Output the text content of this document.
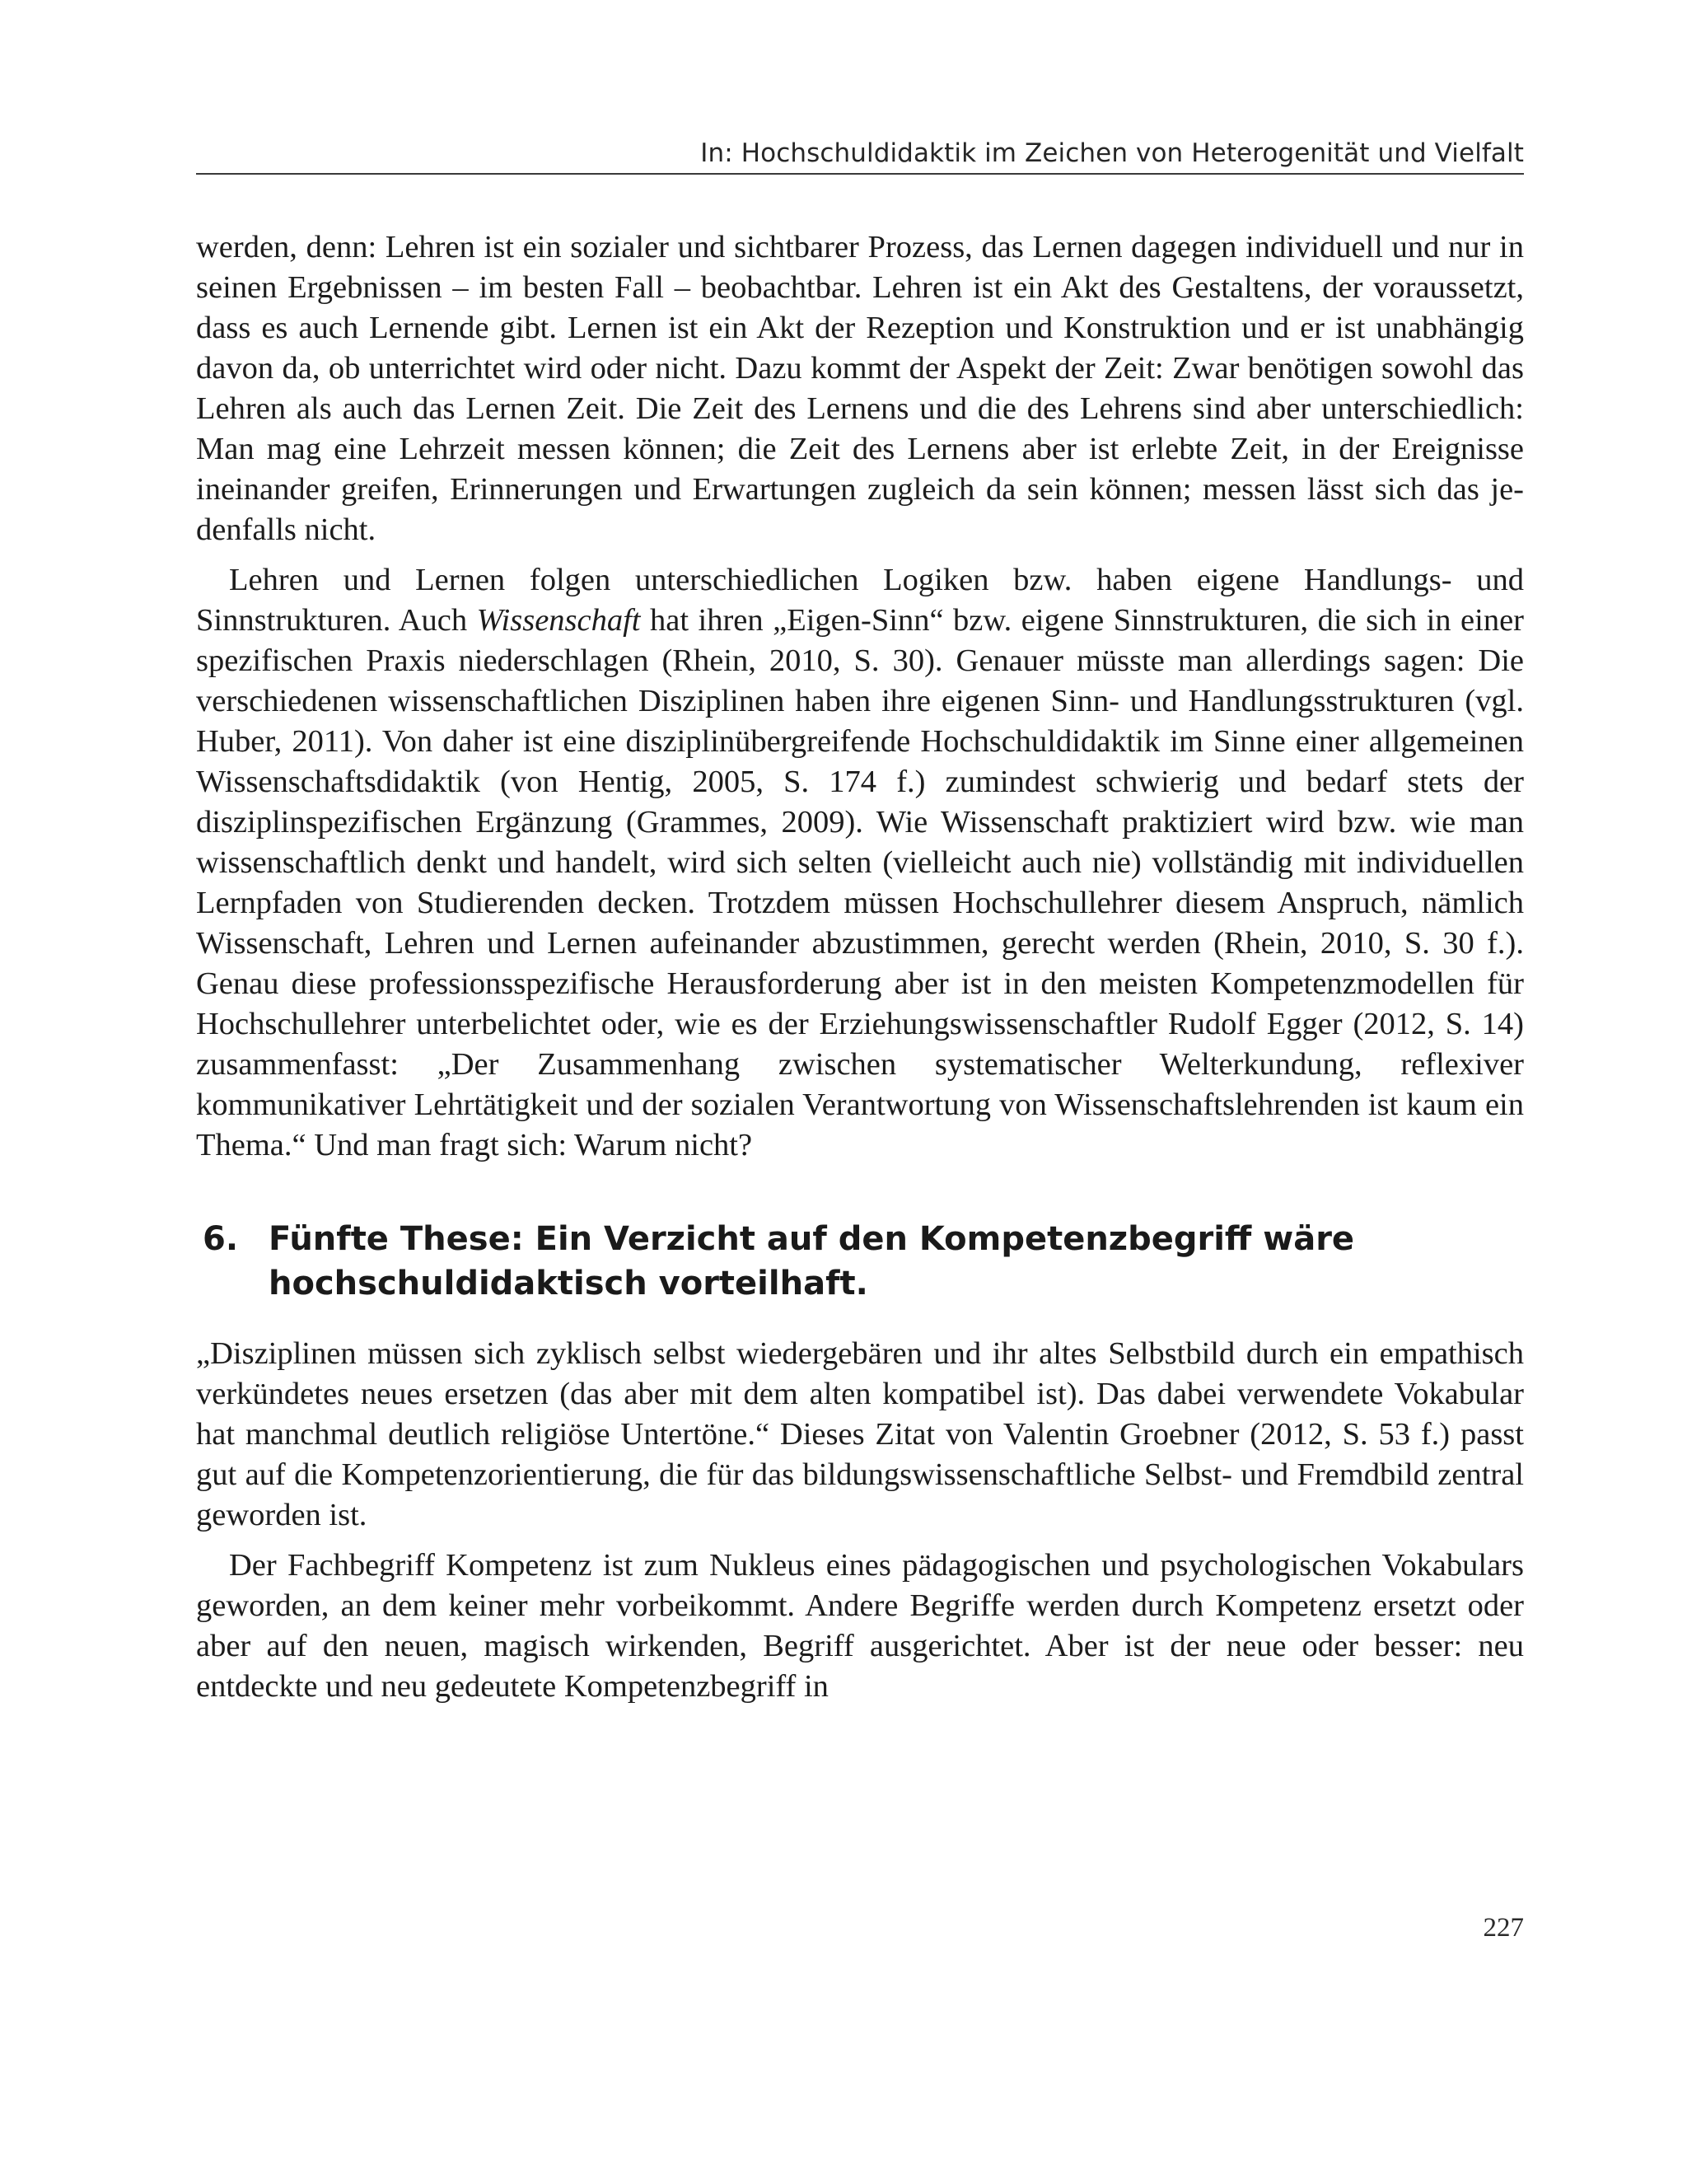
In: Hochschuldidaktik im Zeichen von Heterogenität und Vielfalt

werden, denn: Lehren ist ein sozialer und sichtbarer Prozess, das Lernen dagegen individuell und nur in seinen Ergebnissen – im besten Fall – beobachtbar. Lehren ist ein Akt des Gestaltens, der voraussetzt, dass es auch Lernende gibt. Lernen ist ein Akt der Rezeption und Konstruktion und er ist unabhängig davon da, ob unterrichtet wird oder nicht. Dazu kommt der Aspekt der Zeit: Zwar benötigen sowohl das Lehren als auch das Lernen Zeit. Die Zeit des Lernens und die des Lehrens sind aber unterschiedlich: Man mag eine Lehrzeit messen können; die Zeit des Lernens aber ist erlebte Zeit, in der Ereignisse ineinander greifen, Erinnerungen und Erwartungen zugleich da sein können; messen lässt sich das jedenfalls nicht.

Lehren und Lernen folgen unterschiedlichen Logiken bzw. haben eigene Handlungs- und Sinnstrukturen. Auch Wissenschaft hat ihren „Eigen-Sinn“ bzw. eigene Sinnstrukturen, die sich in einer spezifischen Praxis niederschlagen (Rhein, 2010, S. 30). Genauer müsste man allerdings sagen: Die verschiedenen wissenschaftlichen Disziplinen haben ihre eigenen Sinn- und Handlungsstrukturen (vgl. Huber, 2011). Von daher ist eine disziplinübergreifende Hochschuldidaktik im Sinne einer allgemeinen Wissenschaftsdidaktik (von Hentig, 2005, S. 174 f.) zumindest schwierig und bedarf stets der disziplinspezifischen Ergänzung (Grammes, 2009). Wie Wissenschaft praktiziert wird bzw. wie man wissenschaftlich denkt und handelt, wird sich selten (vielleicht auch nie) vollständig mit individuellen Lernpfaden von Studierenden decken. Trotzdem müssen Hochschullehrer diesem Anspruch, nämlich Wissenschaft, Lehren und Lernen aufeinander abzustimmen, gerecht werden (Rhein, 2010, S. 30 f.). Genau diese professionsspezifische Herausforderung aber ist in den meisten Kompetenzmodellen für Hochschullehrer unterbelichtet oder, wie es der Erziehungswissenschaftler Rudolf Egger (2012, S. 14) zusammenfasst: „Der Zusammenhang zwischen systematischer Welterkundung, reflexiver kommunikativer Lehrtätigkeit und der sozialen Verantwortung von Wissenschaftslehrenden ist kaum ein Thema.“ Und man fragt sich: Warum nicht?

6. Fünfte These: Ein Verzicht auf den Kompetenzbegriff wäre
hochschuldidaktisch vorteilhaft.

„Disziplinen müssen sich zyklisch selbst wiedergebären und ihr altes Selbstbild durch ein empathisch verkündetes neues ersetzen (das aber mit dem alten kompatibel ist). Das dabei verwendete Vokabular hat manchmal deutlich religiöse Untertöne.“ Dieses Zitat von Valentin Groebner (2012, S. 53 f.) passt gut auf die Kompetenzorientierung, die für das bildungswissenschaftliche Selbst- und Fremdbild zentral geworden ist.

Der Fachbegriff Kompetenz ist zum Nukleus eines pädagogischen und psychologischen Vokabulars geworden, an dem keiner mehr vorbeikommt. Andere Begriffe werden durch Kompetenz ersetzt oder aber auf den neuen, magisch wirkenden, Begriff ausgerichtet. Aber ist der neue oder besser: neu entdeckte und neu gedeutete Kompetenzbegriff in

227
